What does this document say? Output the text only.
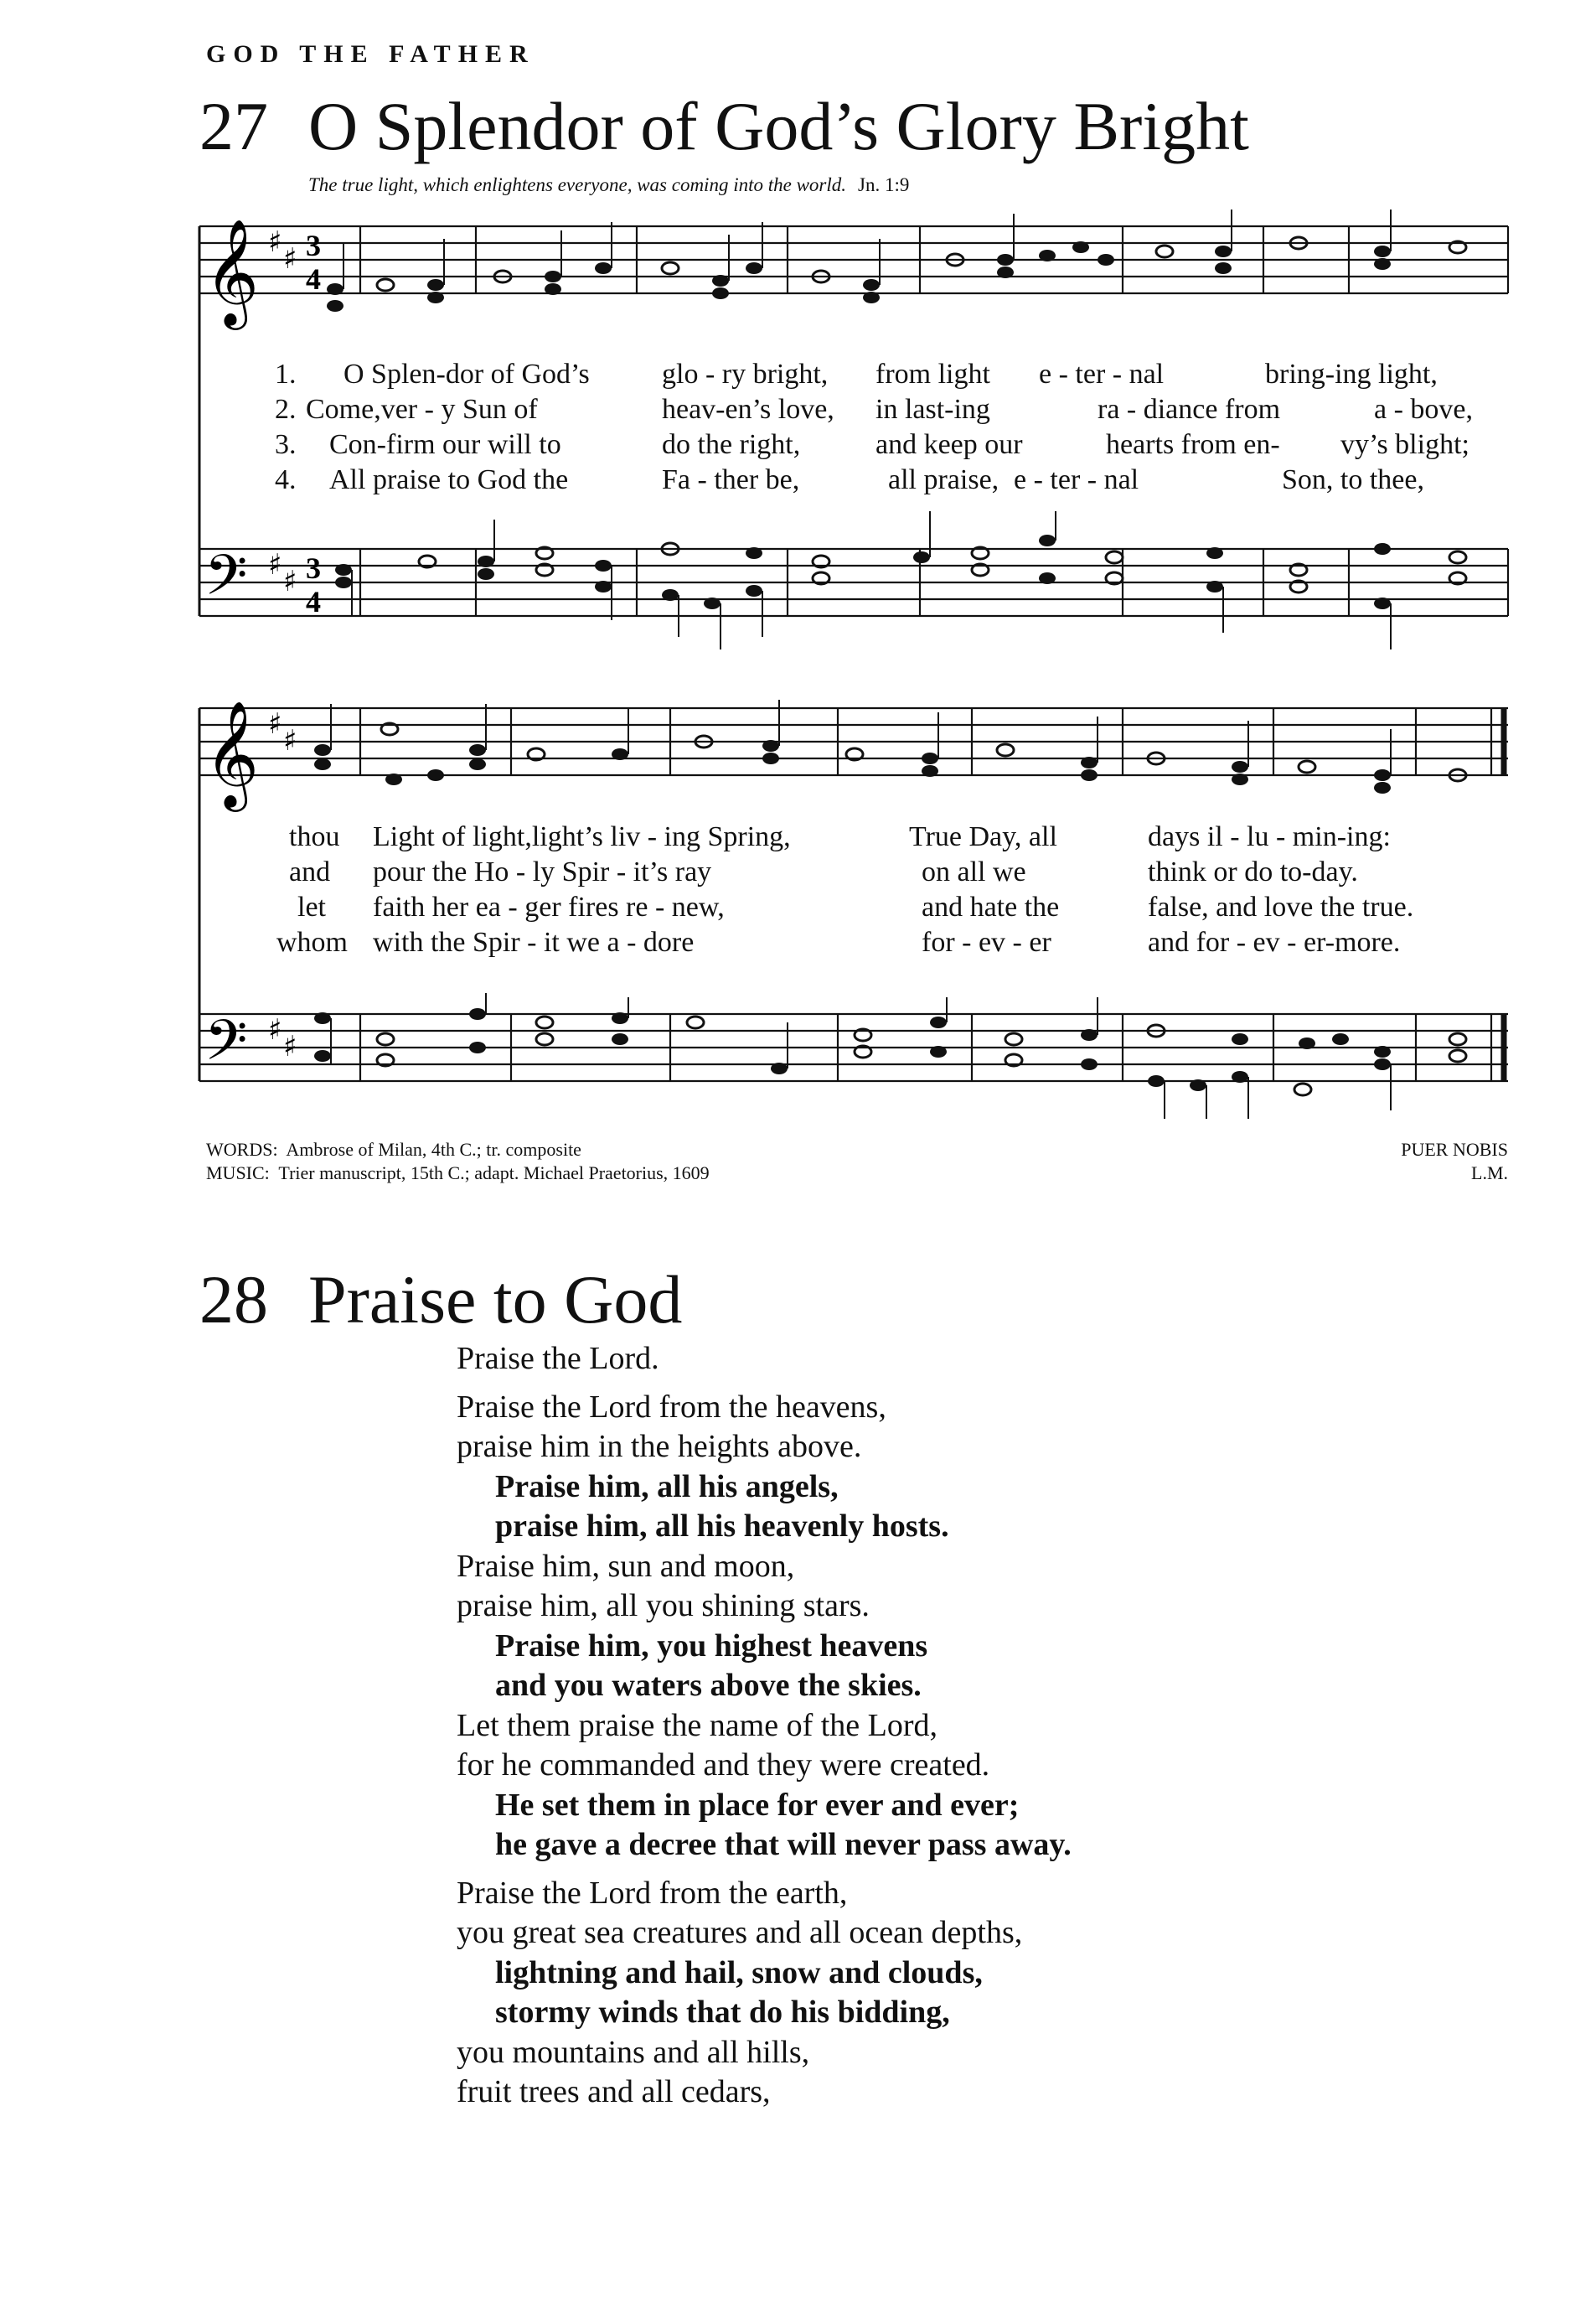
GOD THE FATHER
27 O Splendor of God’s Glory Bright
The true light, which enlightens everyone, was coming into the world. Jn. 1:9
𝄞 ♯ ♯ 3
4
1. O Splen-dor of God’s	glo - ry bright, from light e - ter - nal	bring-ing light,
2. Come,ver - y Sun of	heav-en’s love, in last-ing	ra - diance from	a - bove,
3. Con-firm our will to	do the right,	and keep our	hearts from en- vy’s blight;
4. All praise to God the	Fa - ther be,	all praise, e - ter - nal	Son, to thee,
𝄢 ♯ ♯ 3
4
𝄞 ♯ ♯
thou Light of light,light’s liv - ing Spring,	True Day, all	days il - lu - min-ing:
and pour the Ho - ly Spir - it’s ray	on all we	think or do to-day.
let faith her ea - ger fires re - new,	and hate the	false, and love the true.
whom with the Spir - it we a - dore	for - ev - er	and for - ev - er-more.
𝄢 ♯ ♯
WORDS: Ambrose of Milan, 4th C.; tr. composite
MUSIC: Trier manuscript, 15th C.; adapt. Michael Praetorius, 1609
PUER NOBIS
L.M.
28 Praise to God
Praise the Lord.
Praise the Lord from the heavens,
praise him in the heights above.
Praise him, all his angels,
praise him, all his heavenly hosts.
Praise him, sun and moon,
praise him, all you shining stars.
Praise him, you highest heavens
and you waters above the skies.
Let them praise the name of the Lord,
for he commanded and they were created.
He set them in place for ever and ever;
he gave a decree that will never pass away.
Praise the Lord from the earth,
you great sea creatures and all ocean depths,
lightning and hail, snow and clouds,
stormy winds that do his bidding,
you mountains and all hills,
fruit trees and all cedars,
